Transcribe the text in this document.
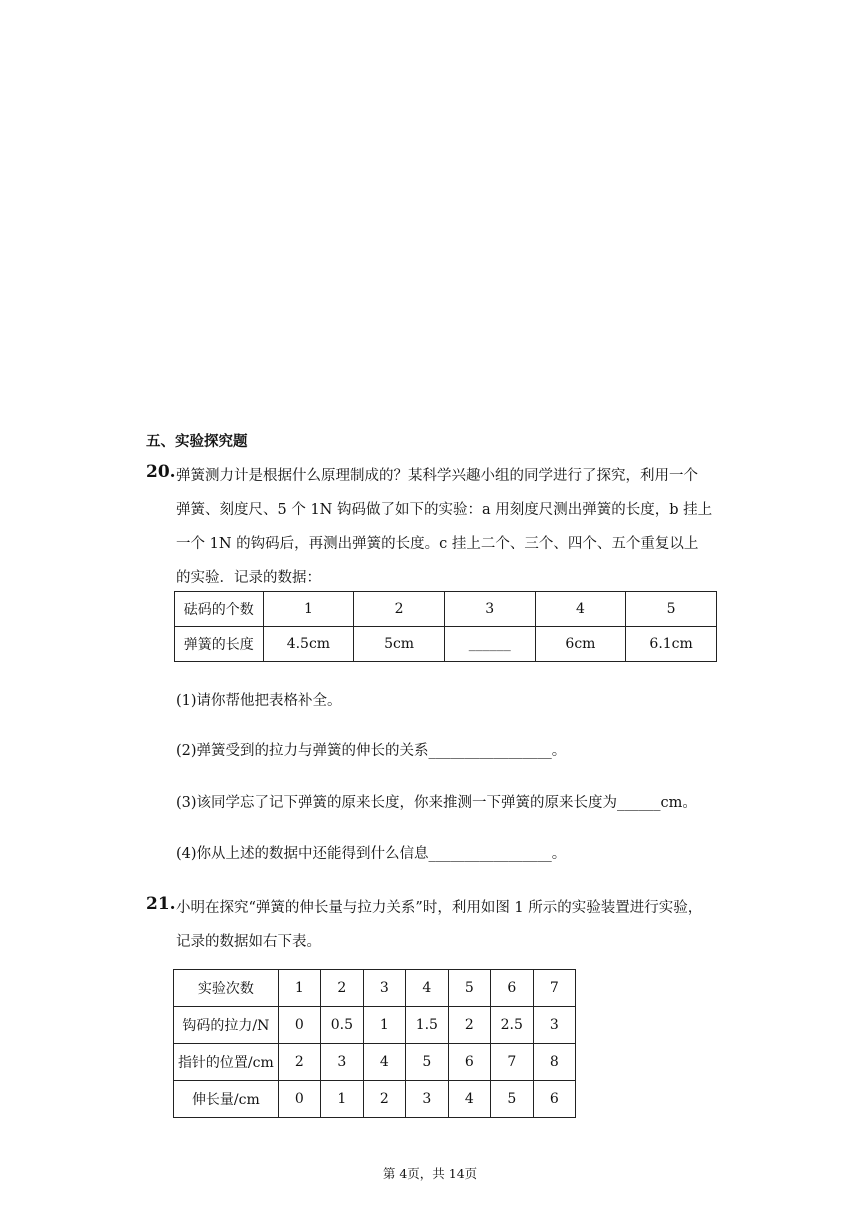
五、实验探究题
20. 弹簧测力计是根据什么原理制成的？某科学兴趣小组的同学进行了探究，利用一个
弹簧、刻度尺、5 个 1N 钩码做了如下的实验：a 用刻度尺测出弹簧的长度，b 挂上
一个 1N 的钩码后，再测出弹簧的长度。c 挂上二个、三个、四个、五个重复以上
的实验．记录的数据：
砝码的个数	1	2	3	4	5
弹簧的长度	4.5cm	5cm	______	6cm	6.1cm
(1)请你帮他把表格补全。
(2)弹簧受到的拉力与弹簧的伸长的关系_________________。
(3)该同学忘了记下弹簧的原来长度，你来推测一下弹簧的原来长度为______cm。
(4)你从上述的数据中还能得到什么信息_________________。
21. 小明在探究“弹簧的伸长量与拉力关系”时，利用如图 1 所示的实验装置进行实验，
记录的数据如右下表。
实验次数	1	2	3	4	5	6	7
钩码的拉力/N	0	0.5	1	1.5	2	2.5	3
指针的位置/cm	2	3	4	5	6	7	8
伸长量/cm	0	1	2	3	4	5	6
第 4页，共 14页
